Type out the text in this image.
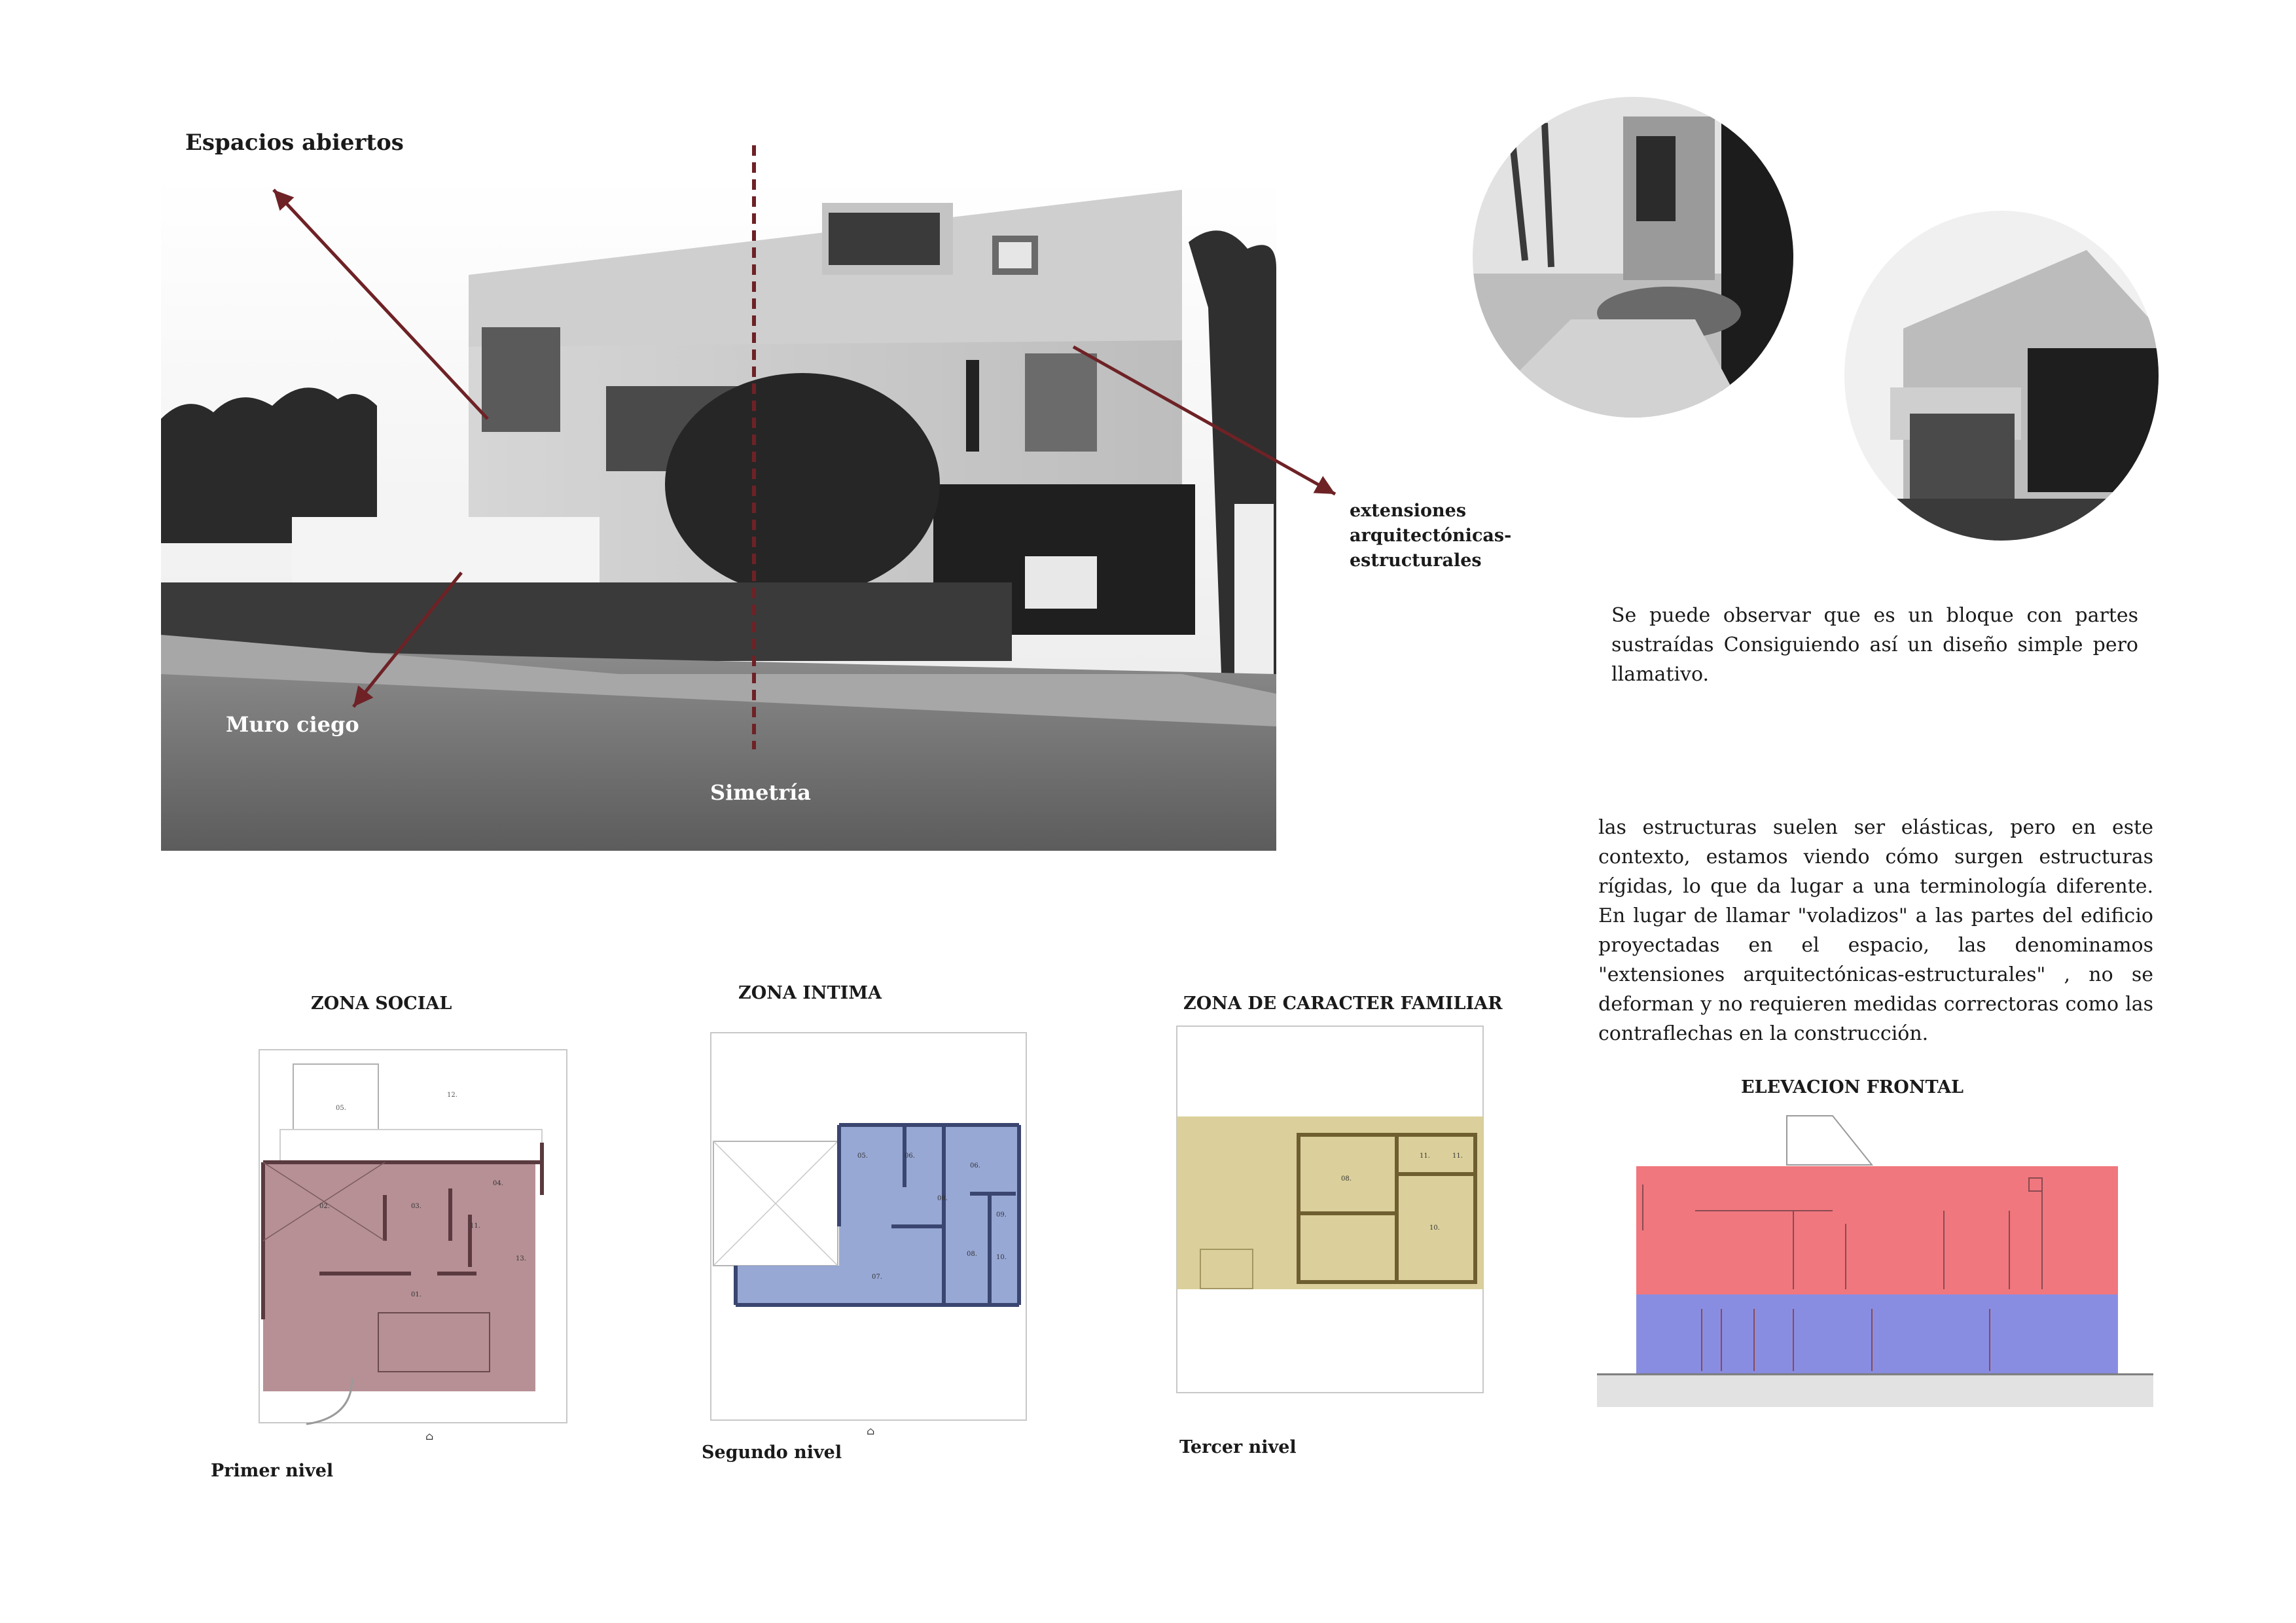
Espacios abiertos
extensiones
arquitectónicas-
estructurales
Muro ciego
Simetría
Se puede observar que es un bloque con partes sustraídas Consiguiendo así un diseño simple pero llamativo.
las estructuras suelen ser elásticas, pero en este contexto, estamos viendo cómo surgen estructuras rígidas, lo que da lugar a una terminología diferente. En lugar de llamar "voladizos" a las partes del edificio proyectadas en el espacio, las denominamos "extensiones arquitectónicas-estructurales" , no se deforman y no requieren medidas correctoras como las contraflechas en la construcción.
ZONA SOCIAL
ZONA INTIMA
ZONA DE CARACTER FAMILIAR
05.
12.
02.	03.
04.
11.
13.
01.
⌂
05.	06.
06.
09.
08.	10.
07.
08.
⌂
08.
11.	11.
10.
Primer nivel
Segundo nivel	Tercer nivel
ELEVACION FRONTAL
